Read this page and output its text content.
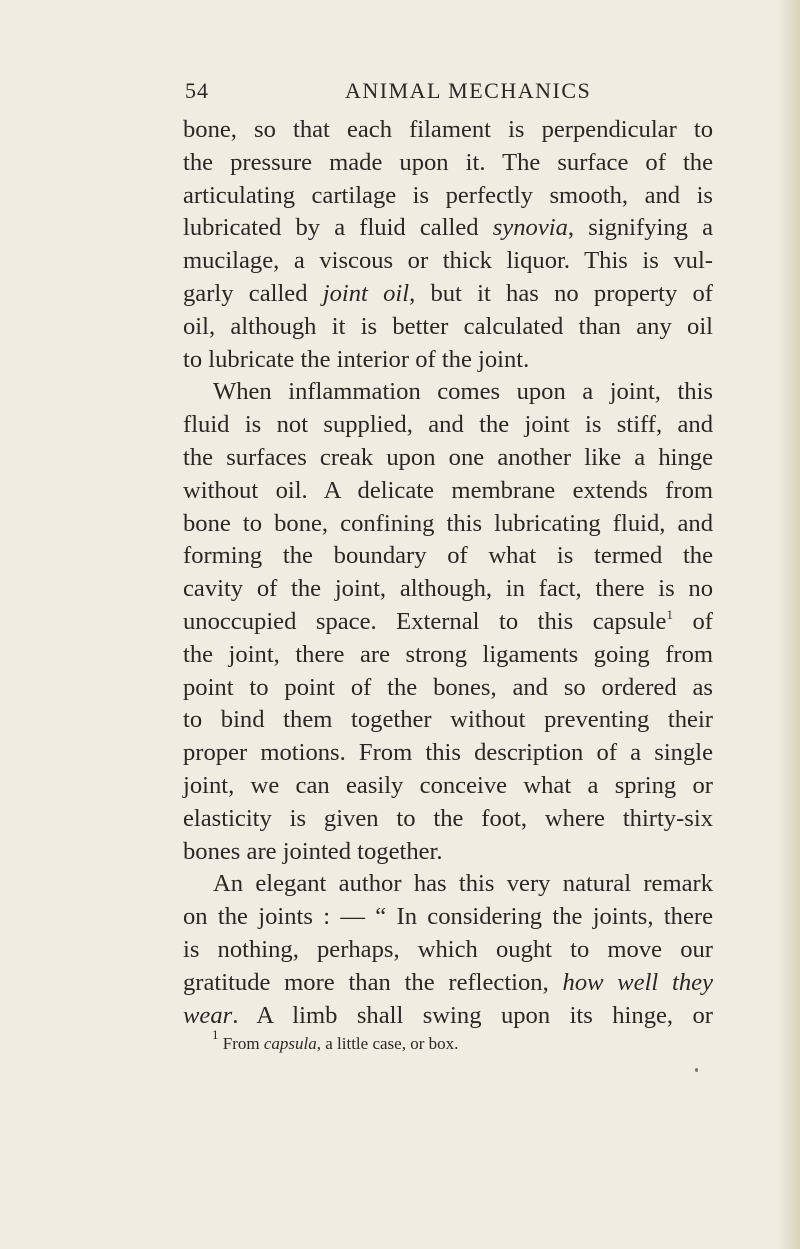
54	ANIMAL MECHANICS
bone, so that each filament is perpendicular to
the pressure made upon it. The surface of the
articulating cartilage is perfectly smooth, and is
lubricated by a fluid called synovia, signifying a
mucilage, a viscous or thick liquor. This is vul-
garly called joint oil, but it has no property of
oil, although it is better calculated than any oil
to lubricate the interior of the joint.
When inflammation comes upon a joint, this
fluid is not supplied, and the joint is stiff, and
the surfaces creak upon one another like a hinge
without oil. A delicate membrane extends from
bone to bone, confining this lubricating fluid, and
forming the boundary of what is termed the
cavity of the joint, although, in fact, there is no
unoccupied space. External to this capsule$^1$ of
the joint, there are strong ligaments going from
point to point of the bones, and so ordered as
to bind them together without preventing their
proper motions. From this description of a single
joint, we can easily conceive what a spring or
elasticity is given to the foot, where thirty-six
bones are jointed together.
An elegant author has this very natural remark
on the joints : — “ In considering the joints, there
is nothing, perhaps, which ought to move our
gratitude more than the reflection, how well they
wear. A limb shall swing upon its hinge, or
$^1$ From capsula, a little case, or box.
